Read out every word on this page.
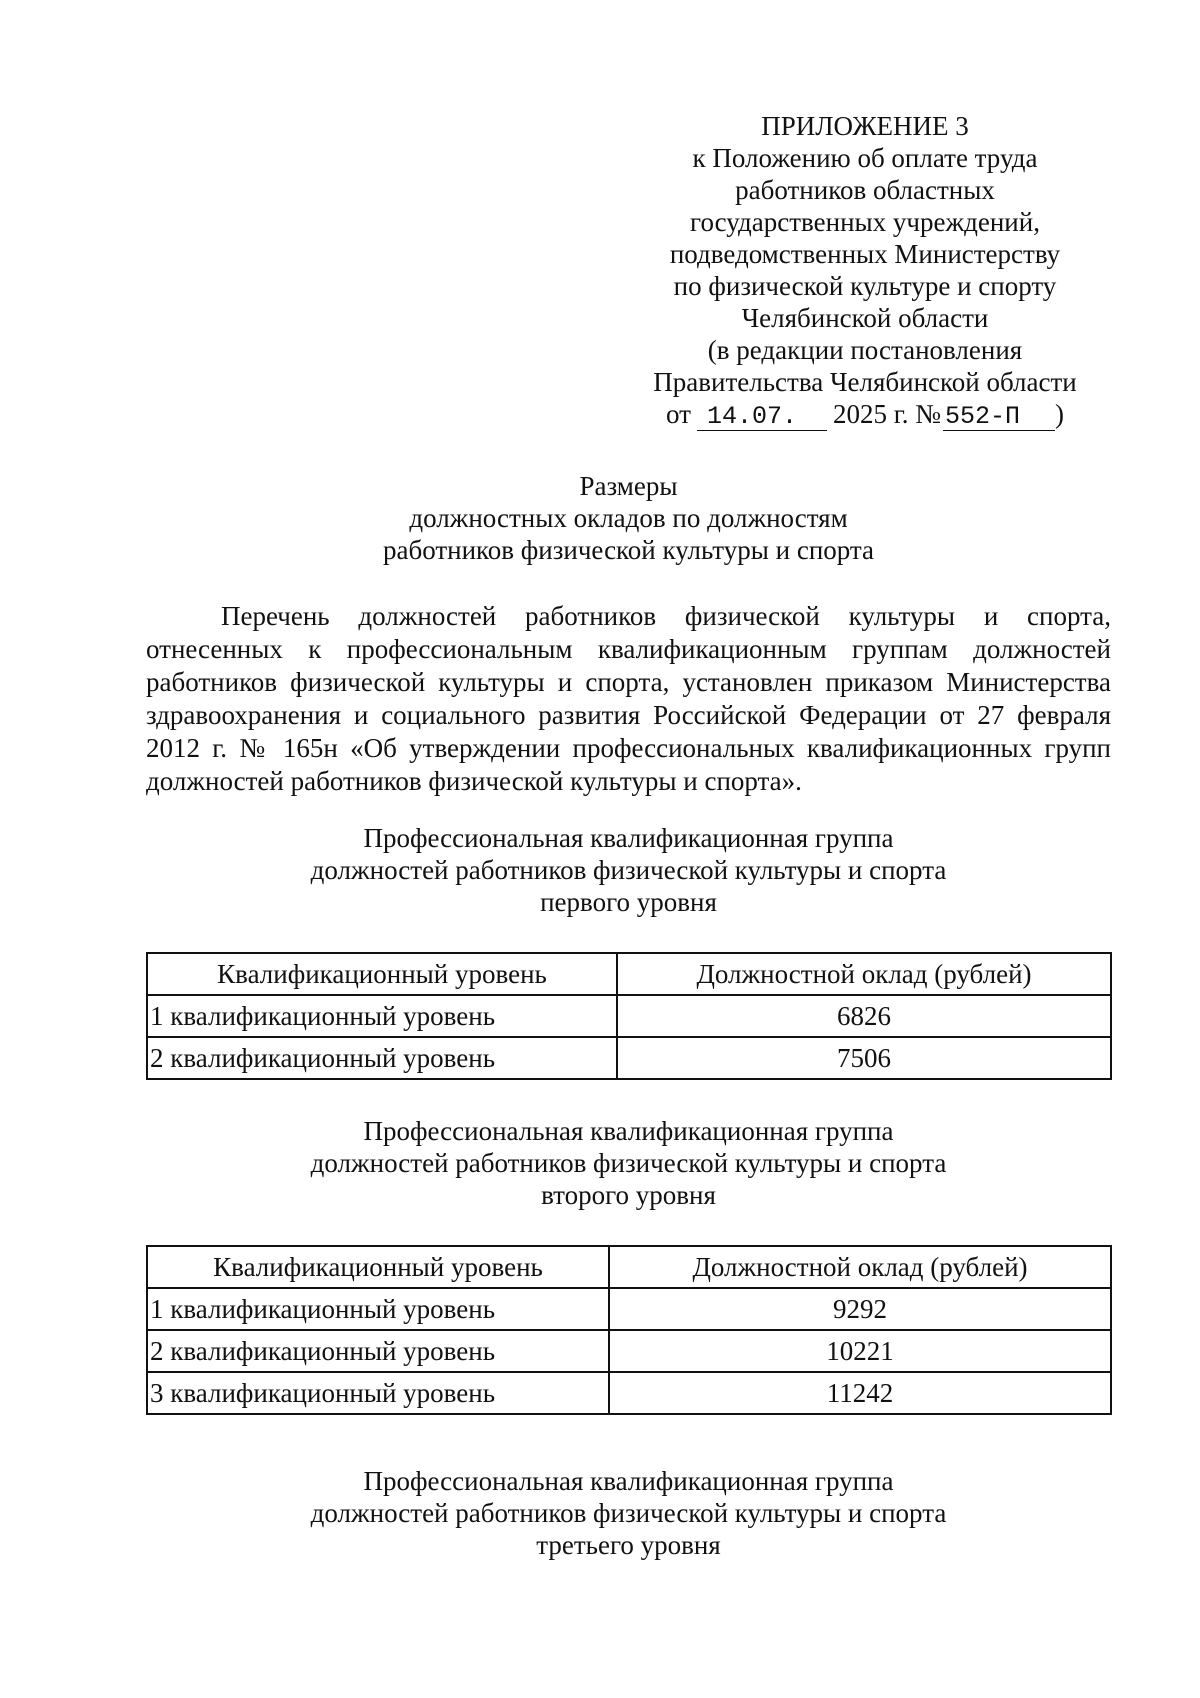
ПРИЛОЖЕНИЕ 3
к Положению об оплате труда
работников областных
государственных учреждений,
подведомственных Министерству
по физической культуре и спорту
Челябинской области
(в редакции постановления
Правительства Челябинской области
от 14.07. 2025 г. № 552-П )
Размеры
должностных окладов по должностям
работников физической культуры и спорта
Перечень должностей работников физической культуры и спорта, отнесенных к профессиональным квалификационным группам должностей работников физической культуры и спорта, установлен приказом Министерства здравоохранения и социального развития Российской Федерации от 27 февраля 2012 г. № 165н «Об утверждении профессиональных квалификационных групп должностей работников физической культуры и спорта».
Профессиональная квалификационная группа
должностей работников физической культуры и спорта
первого уровня
Квалификационный уровень	Должностной оклад (рублей)
1 квалификационный уровень	6826
2 квалификационный уровень	7506
Профессиональная квалификационная группа
должностей работников физической культуры и спорта
второго уровня
Квалификационный уровень	Должностной оклад (рублей)
1 квалификационный уровень	9292
2 квалификационный уровень	10221
3 квалификационный уровень	11242
Профессиональная квалификационная группа
должностей работников физической культуры и спорта
третьего уровня
